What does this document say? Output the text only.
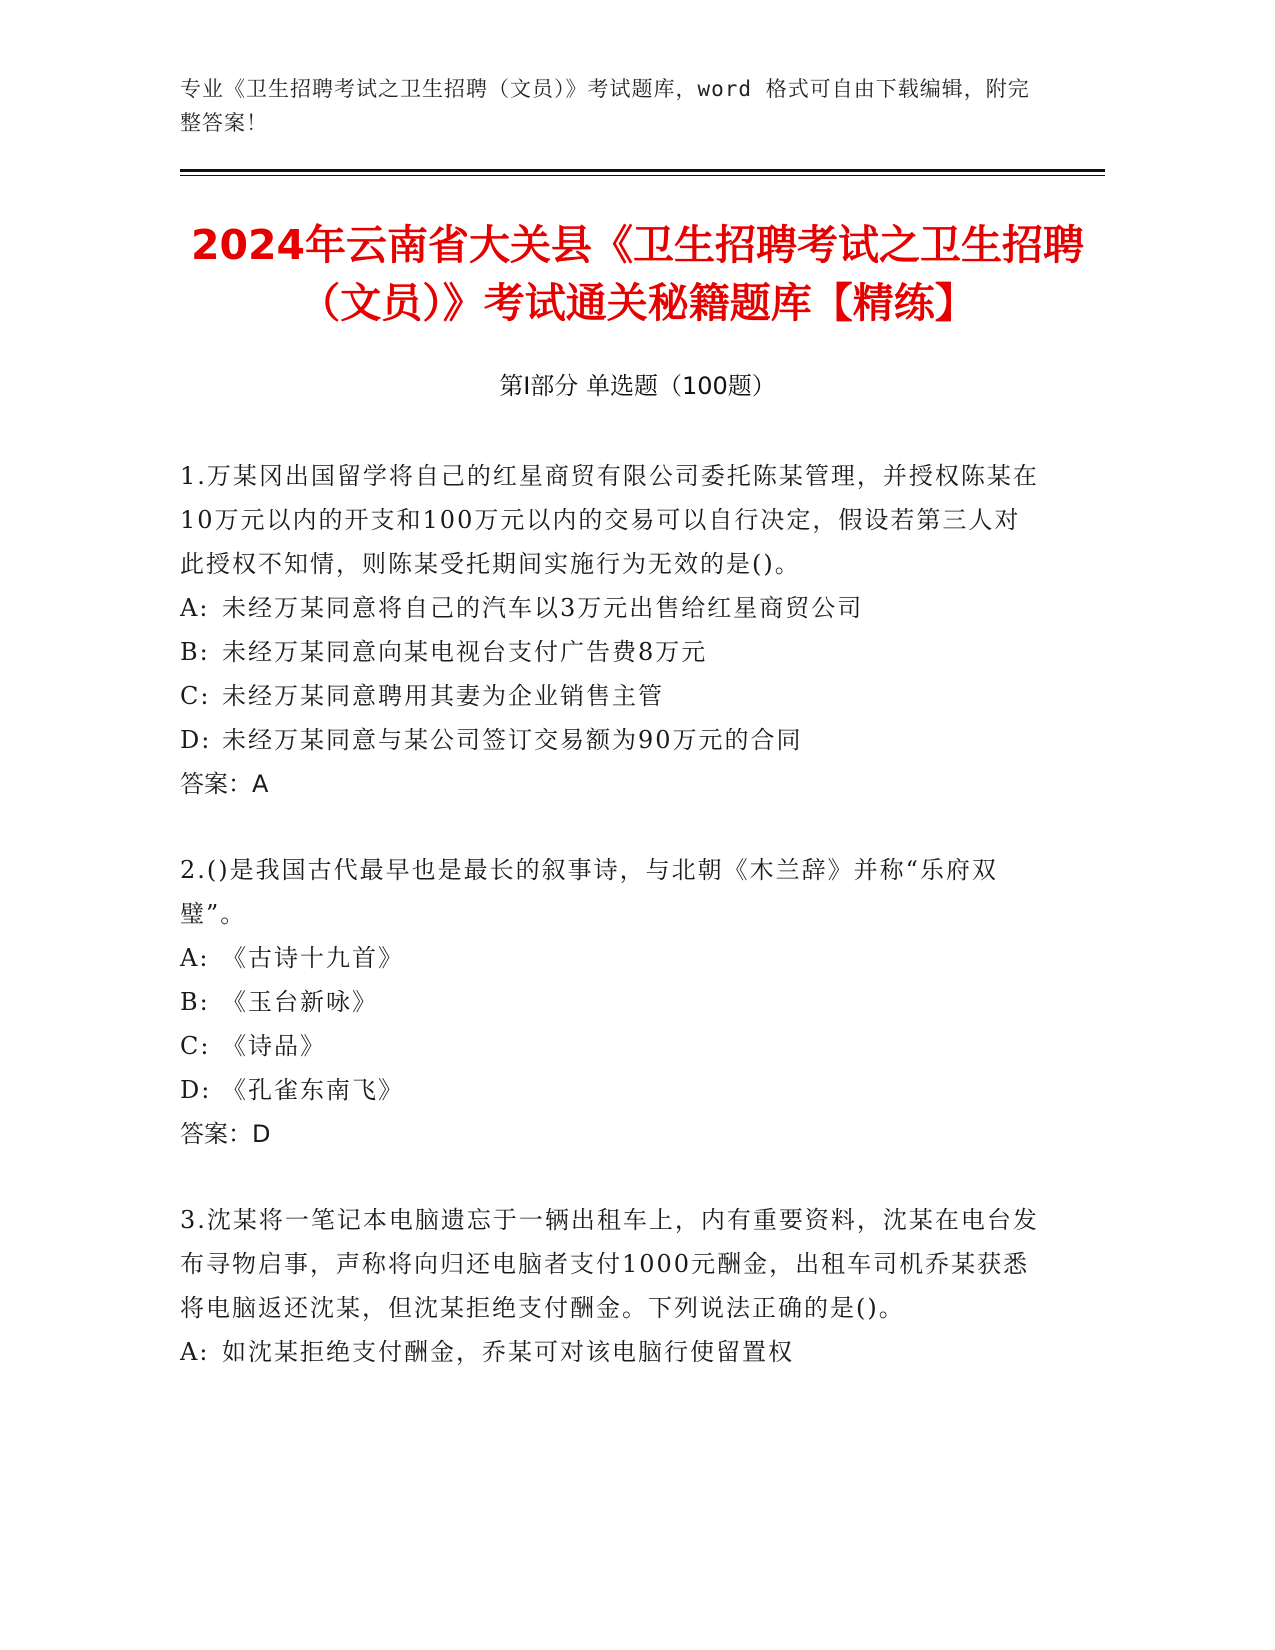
专业《卫生招聘考试之卫生招聘（文员）》考试题库，word 格式可自由下载编辑，附完整答案！
2024年云南省大关县《卫生招聘考试之卫生招聘（文员）》考试通关秘籍题库【精练】
第Ⅰ部分 单选题（100题）

1.万某冈出国留学将自己的红星商贸有限公司委托陈某管理，并授权陈某在10万元以内的开支和100万元以内的交易可以自行决定，假设若第三人对此授权不知情，则陈某受托期间实施行为无效的是()。

A: 未经万某同意将自己的汽车以3万元出售给红星商贸公司

B: 未经万某同意向某电视台支付广告费8万元

C: 未经万某同意聘用其妻为企业销售主管

D: 未经万某同意与某公司签订交易额为90万元的合同

答案：A

2.()是我国古代最早也是最长的叙事诗，与北朝《木兰辞》并称“乐府双璧”。

A: 《古诗十九首》

B: 《玉台新咏》

C: 《诗品》

D: 《孔雀东南飞》

答案：D

3.沈某将一笔记本电脑遗忘于一辆出租车上，内有重要资料，沈某在电台发布寻物启事，声称将向归还电脑者支付1000元酬金，出租车司机乔某获悉将电脑返还沈某，但沈某拒绝支付酬金。下列说法正确的是()。

A: 如沈某拒绝支付酬金，乔某可对该电脑行使留置权
